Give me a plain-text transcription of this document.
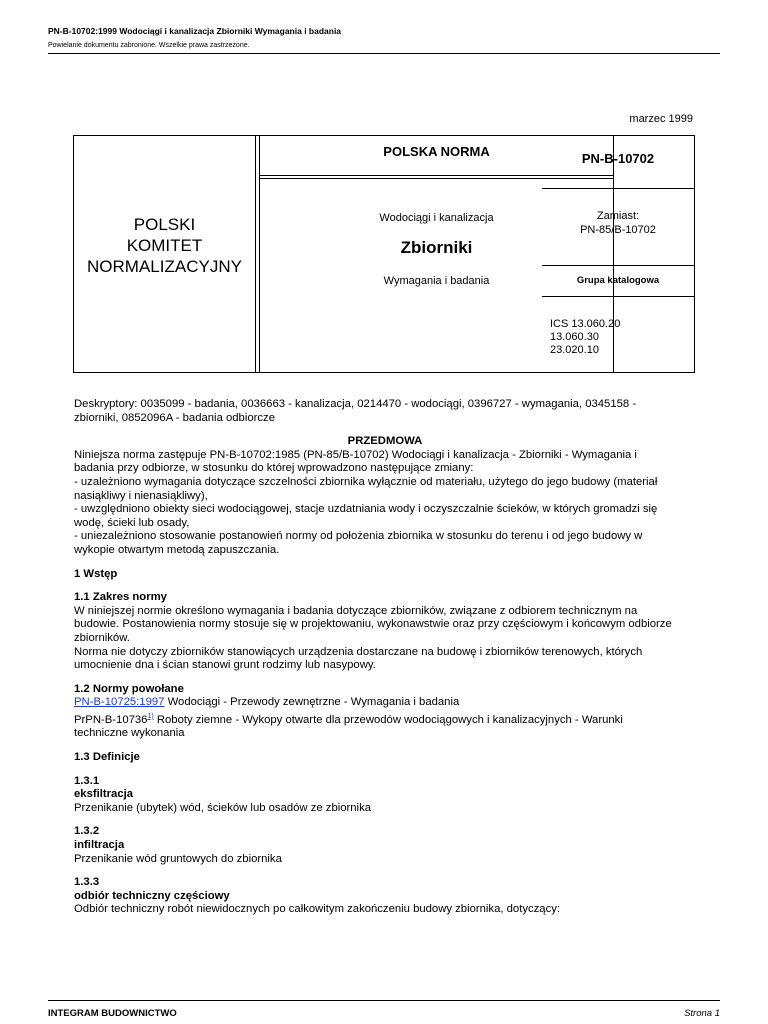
PN-B-10702:1999 Wodociągi i kanalizacja Zbiorniki Wymagania i badania
Powielanie dokumentu zabronione. Wszelkie prawa zastrzeżone.
marzec 1999
POLSKI
KOMITET
NORMALIZACYJNY
POLSKA NORMA
Wodociągi i kanalizacja
Zbiorniki
Wymagania i badania
PN-B-10702
Zamiast:
PN-85/B-10702
Grupa katalogowa
ICS 13.060.20
13.060.30
23.020.10

Deskryptory: 0035099 - badania, 0036663 - kanalizacja, 0214470 - wodociągi, 0396727 - wymagania, 0345158 -

zbiorniki, 0852096A - badania odbiorcze

PRZEDMOWA

Niniejsza norma zastępuje PN-B-10702:1985 (PN-85/B-10702) Wodociągi i kanalizacja - Zbiorniki - Wymagania i

badania przy odbiorze, w stosunku do której wprowadzono następujące zmiany:

- uzależniono wymagania dotyczące szczelności zbiornika wyłącznie od materiału, użytego do jego budowy (materiał

nasiąkliwy i nienasiąkliwy),

- uwzględniono obiekty sieci wodociągowej, stacje uzdatniania wody i oczyszczalnie ścieków, w których gromadzi się

wodę, ścieki lub osady,

- uniezależniono stosowanie postanowień normy od położenia zbiornika w stosunku do terenu i od jego budowy w

wykopie otwartym metodą zapuszczania.

1 Wstęp

1.1 Zakres normy

W niniejszej normie określono wymagania i badania dotyczące zbiorników, związane z odbiorem technicznym na

budowie. Postanowienia normy stosuje się w projektowaniu, wykonawstwie oraz przy częściowym i końcowym odbiorze

zbiorników.

Norma nie dotyczy zbiorników stanowiących urządzenia dostarczane na budowę i zbiorników terenowych, których

umocnienie dna i ścian stanowi grunt rodzimy lub nasypowy.

1.2 Normy powołane

PN-B-10725:1997 Wodociągi - Przewody zewnętrzne - Wymagania i badania

PrPN-B-10736$^{1)}$ Roboty ziemne - Wykopy otwarte dla przewodów wodociągowych i kanalizacyjnych - Warunki

techniczne wykonania

1.3 Definicje

1.3.1

eksfiltracja

Przenikanie (ubytek) wód, ścieków lub osadów ze zbiornika

1.3.2

infiltracja

Przenikanie wód gruntowych do zbiornika

1.3.3

odbiór techniczny częściowy

Odbiór techniczny robót niewidocznych po całkowitym zakończeniu budowy zbiornika, dotyczący:

INTEGRAM BUDOWNICTWO	Strona 1
